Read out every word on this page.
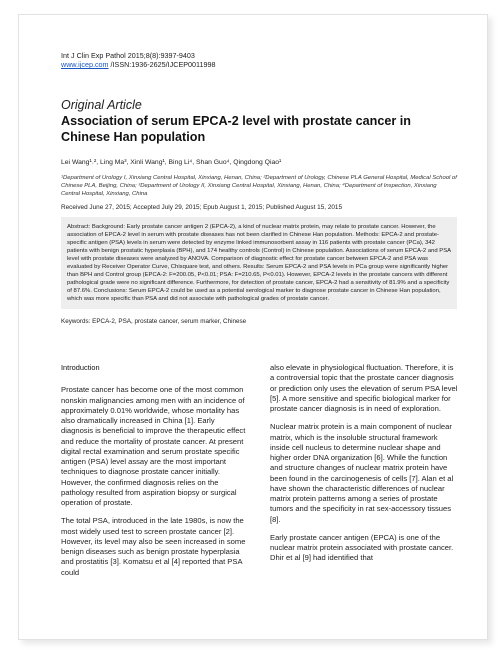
Int J Clin Exp Pathol 2015;8(8):9397-9403
www.ijcep.com /ISSN:1936-2625/IJCEP0011998
Original Article
Association of serum EPCA-2 level with prostate cancer in Chinese Han population
Lei Wang¹˒², Ling Ma³, Xinli Wang¹, Bing Li⁴, Shan Guo⁴, Qingdong Qiao¹
¹Department of Urology I, Xinxiang Central Hospital, Xinxiang, Henan, China; ²Department of Urology, Chinese PLA General Hospital, Medical School of Chinese PLA, Beijing, China; ³Department of Urology II, Xinxiang Central Hospital, Xinxiang, Henan, China; ⁴Department of Inspection, Xinxiang Central Hospital, Xinxiang, China
Received June 27, 2015; Accepted July 29, 2015; Epub August 1, 2015; Published August 15, 2015
Abstract: Background: Early prostate cancer antigen 2 (EPCA-2), a kind of nuclear matrix protein, may relate to prostate cancer. However, the association of EPCA-2 level in serum with prostate diseases has not been clarified in Chinese Han population. Methods: EPCA-2 and prostate-specific antigen (PSA) levels in serum were detected by enzyme linked immunosorbent assay in 116 patients with prostate cancer (PCa), 342 patients with benign prostatic hyperplasia (BPH), and 174 healthy controls (Control) in Chinese population. Associations of serum EPCA-2 and PSA level with prostate diseases were analyzed by ANOVA. Comparison of diagnostic effect for prostate cancer between EPCA-2 and PSA was evaluated by Receiver Operator Curve, Chisquare test, and others. Results: Serum EPCA-2 and PSA levels in PCa group were significantly higher than BPH and Control group (EPCA-2: F=200.05, P<0.01; PSA: F=210.65, P<0.01). However, EPCA-2 levels in the prostate cancers with different pathological grade were no significant difference. Furthermore, for detection of prostate cancer, EPCA-2 had a sensitivity of 81.9% and a specificity of 87.6%. Conclusions: Serum EPCA-2 could be used as a potential serological marker to diagnose prostate cancer in Chinese Han population, which was more specific than PSA and did not associate with pathological grades of prostate cancer.
Keywords: EPCA-2, PSA, prostate cancer, serum marker, Chinese
Introduction

Prostate cancer has become one of the most common nonskin malignancies among men with an incidence of approximately 0.01% worldwide, whose mortality has also dramatically increased in China [1]. Early diagnosis is beneficial to improve the therapeutic effect and reduce the mortality of prostate cancer. At present digital rectal examination and serum prostate specific antigen (PSA) level assay are the most important techniques to diagnose prostate cancer initially. However, the confirmed diagnosis relies on the pathology resulted from aspiration biopsy or surgical operation of prostate.

The total PSA, introduced in the late 1980s, is now the most widely used test to screen prostate cancer [2]. However, its level may also be seen increased in some benign diseases such as benign prostate hyperplasia and prostatitis [3]. Komatsu et al [4] reported that PSA could

also elevate in physiological fluctuation. Therefore, it is a controversial topic that the prostate cancer diagnosis or prediction only uses the elevation of serum PSA level [5]. A more sensitive and specific biological marker for prostate cancer diagnosis is in need of exploration.

Nuclear matrix protein is a main component of nuclear matrix, which is the insoluble structural framework inside cell nucleus to determine nuclear shape and higher order DNA organization [6]. While the function and structure changes of nuclear matrix protein have been found in the carcinogenesis of cells [7]. Alan et al have shown the characteristic differences of nuclear matrix protein patterns among a series of prostate tumors and the specificity in rat sex-accessory tissues [8].

Early prostate cancer antigen (EPCA) is one of the nuclear matrix protein associated with prostate cancer. Dhir et al [9] had identified that
